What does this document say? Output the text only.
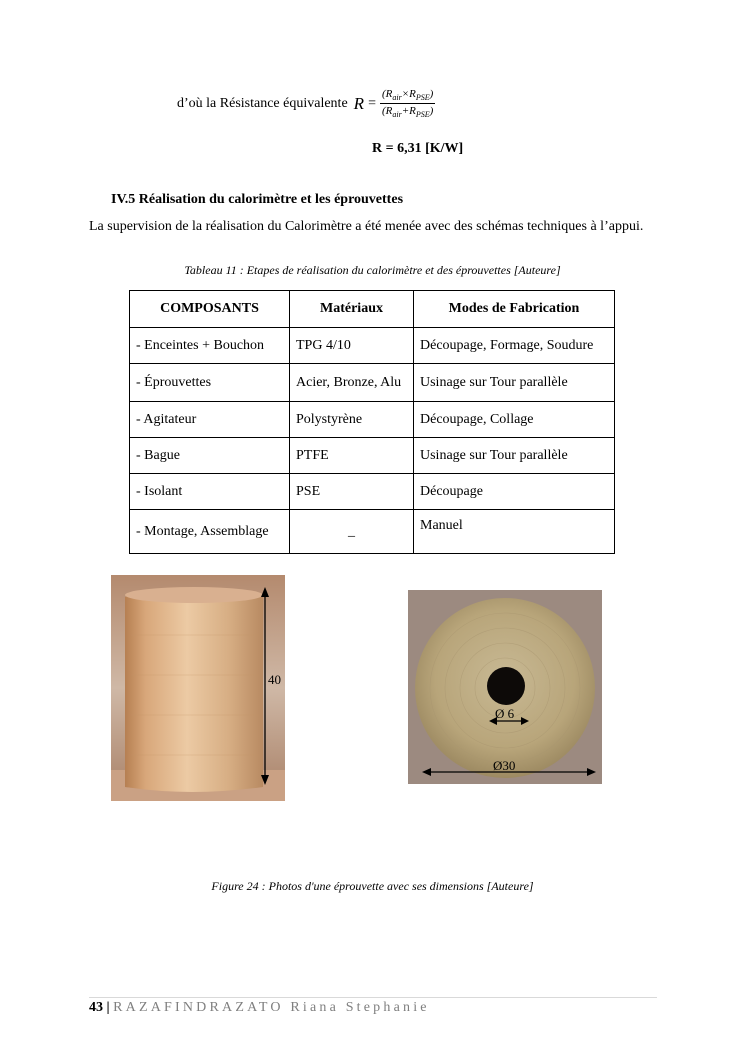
d’où la Résistance équivalente $R = \frac{(R_{air}\times R_{PSE})}{(R_{air}+R_{PSE})}$
R = 6,31 [K/W]
IV.5 Réalisation du calorimètre et les éprouvettes
La supervision de la réalisation du Calorimètre a été menée avec des schémas techniques à l’appui.
Tableau 11 : Etapes de réalisation du calorimètre et des éprouvettes [Auteure]
COMPOSANTS	Matériaux	Modes de Fabrication
- Enceintes + Bouchon	TPG 4/10	Découpage, Formage, Soudure
- Éprouvettes	Acier, Bronze, Alu	Usinage sur Tour parallèle
- Agitateur	Polystyrène	Découpage, Collage
- Bague	PTFE	Usinage sur Tour parallèle
- Isolant	PSE	Découpage
- Montage, Assemblage	_	Manuel
40
Ø 6
Ø30
Figure 24 : Photos d'une éprouvette avec ses dimensions [Auteure]
43 | RAZAFINDRAZATO Riana Stephanie
